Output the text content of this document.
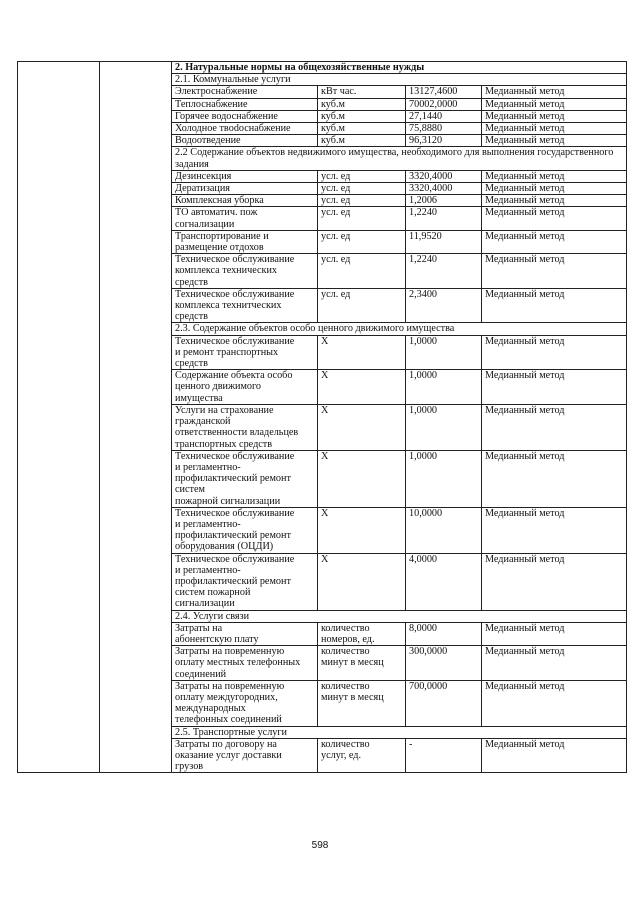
		2. Натуральные нормы на общехозяйственные нужды			
		2.1. Коммунальные услуги			
		Электроснабжение	кВт час.	13127,4600	Медианный метод
		Теплоснабжение	куб.м	70002,0000	Медианный метод
		Горячее водоснабжение	куб.м	27,1440	Медианный метод
		Холодное твodоснабжение	куб.м	75,8880	Медианный метод
		Водоотведение	куб.м	96,3120	Медианный метод
		2.2 Содержание объектов недвижимого имущества, необходимого для выполнения государственного задания			
		Дезинсекция	усл. ед	3320,4000	Медианный метод
		Дератизация	усл. ед	3320,4000	Медианный метод
		Комплексная уборка	усл. ед	1,2006	Медианный метод
		ТО автоматич. пож
согнализации	усл. ед	1,2240	Медианный метод
		Транспортирование и
размещение отдохов	усл. ед	11,9520	Медианный метод
		Техническое обслуживание
комплекса технических
средств	усл. ед	1,2240	Медианный метод
		Техническое обслуживание
комплекса технитческих
средств	усл. ед	2,3400	Медианный метод
		2.3. Содержание объектов особо ценного движимого имущества			
		Техническое обслуживание
и ремонт транспортных
средств	Х	1,0000	Медианный метод
		Содержание объекта особо
ценного движимого
имущества	Х	1,0000	Медианный метод
		Услуги на страхование
гражданской
ответственности владельцев
транспортных средств	Х	1,0000	Медианный метод
		Техническое обслуживание
и регламентно-
профилактический ремонт
систем
пожарной сигнализации	Х	1,0000	Медианный метод
		Техническое обслуживание
и регламентно-
профилактический ремонт
оборудования (ОЦДИ)	Х	10,0000	Медианный метод
		Техническое обслуживание
и регламентно-
профилактический ремонт
систем пожарной
сигнализации	Х	4,0000	Медианный метод
		2.4. Услуги связи			
		Затраты на
абонентскую плату	количество
номеров, ед.	8,0000	Медианный метод
		Затраты на повременную
оплату местных телефонных
соединений	количество
минут в месяц	300,0000	Медианный метод
		Затраты на повременную
оплату междугородних,
международных
телефонных соединений	количество
минут в месяц	700,0000	Медианный метод
		2.5. Транспортные услуги			
		Затраты по договору на
оказание услуг доставки
грузов	количество
услуг, ед.	-	Медианный метод
598
